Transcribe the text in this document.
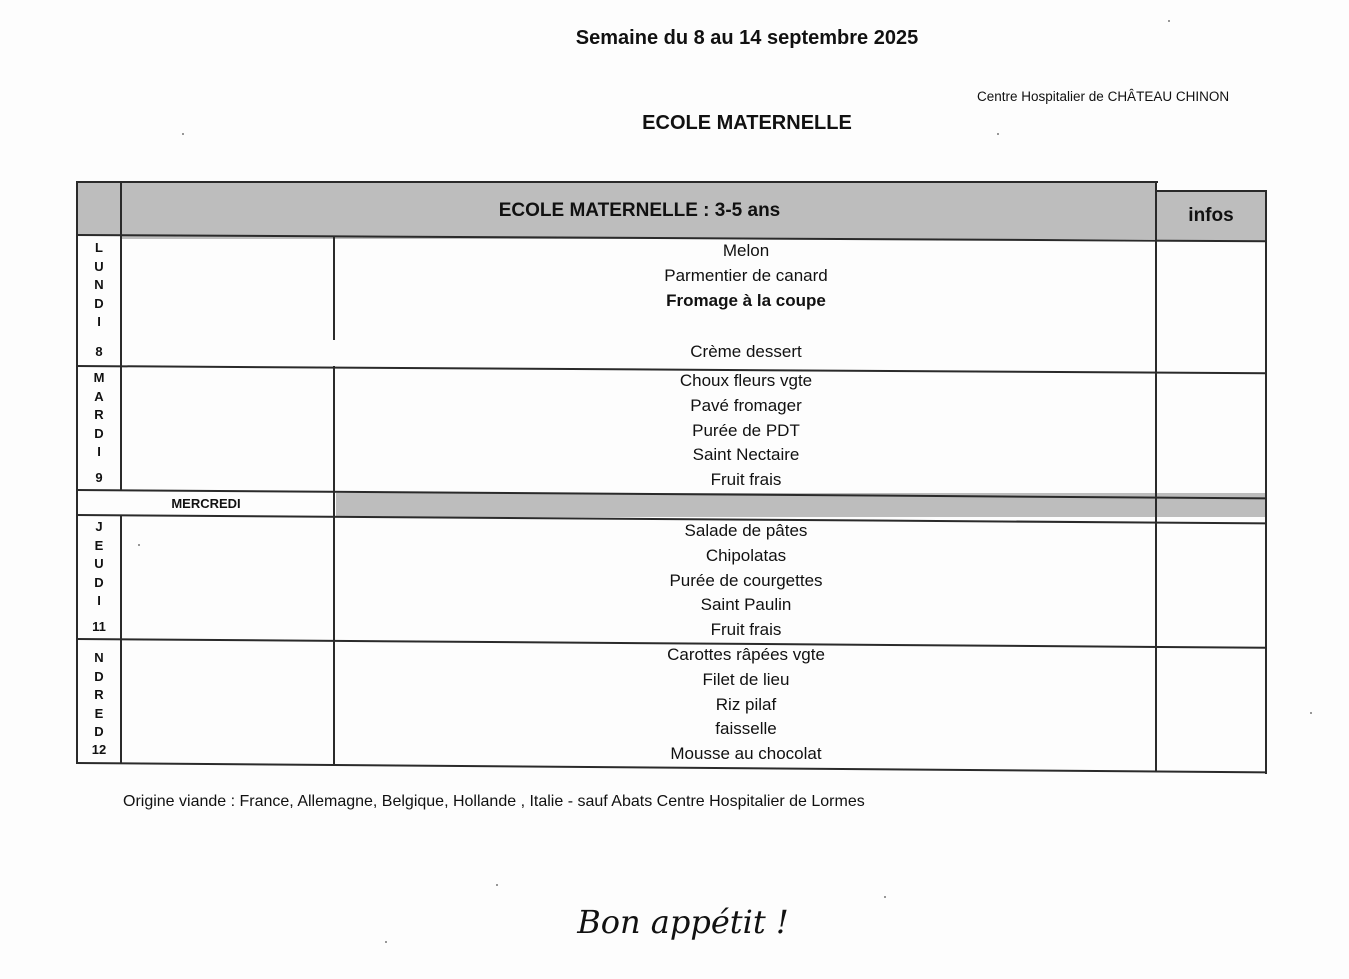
Semaine du 8 au 14 septembre 2025
Centre Hospitalier de CHÂTEAU CHINON
ECOLE MATERNELLE
ECOLE MATERNELLE : 3-5 ans	infos
L
U
N
D
I
8
M
A
R
D
I
9
MERCREDI
J
E
U
D
I
11
N
D
R
E
D
12
Melon
Parmentier de canard
Fromage à la coupe
Crème dessert
Choux fleurs vgte
Pavé fromager
Purée de PDT
Saint Nectaire
Fruit frais
Salade de pâtes
Chipolatas
Purée de courgettes
Saint Paulin
Fruit frais
Carottes râpées vgte
Filet de lieu
Riz pilaf
faisselle
Mousse au chocolat
Origine viande : France, Allemagne, Belgique, Hollande , Italie - sauf Abats Centre Hospitalier de Lormes
Bon appétit !
